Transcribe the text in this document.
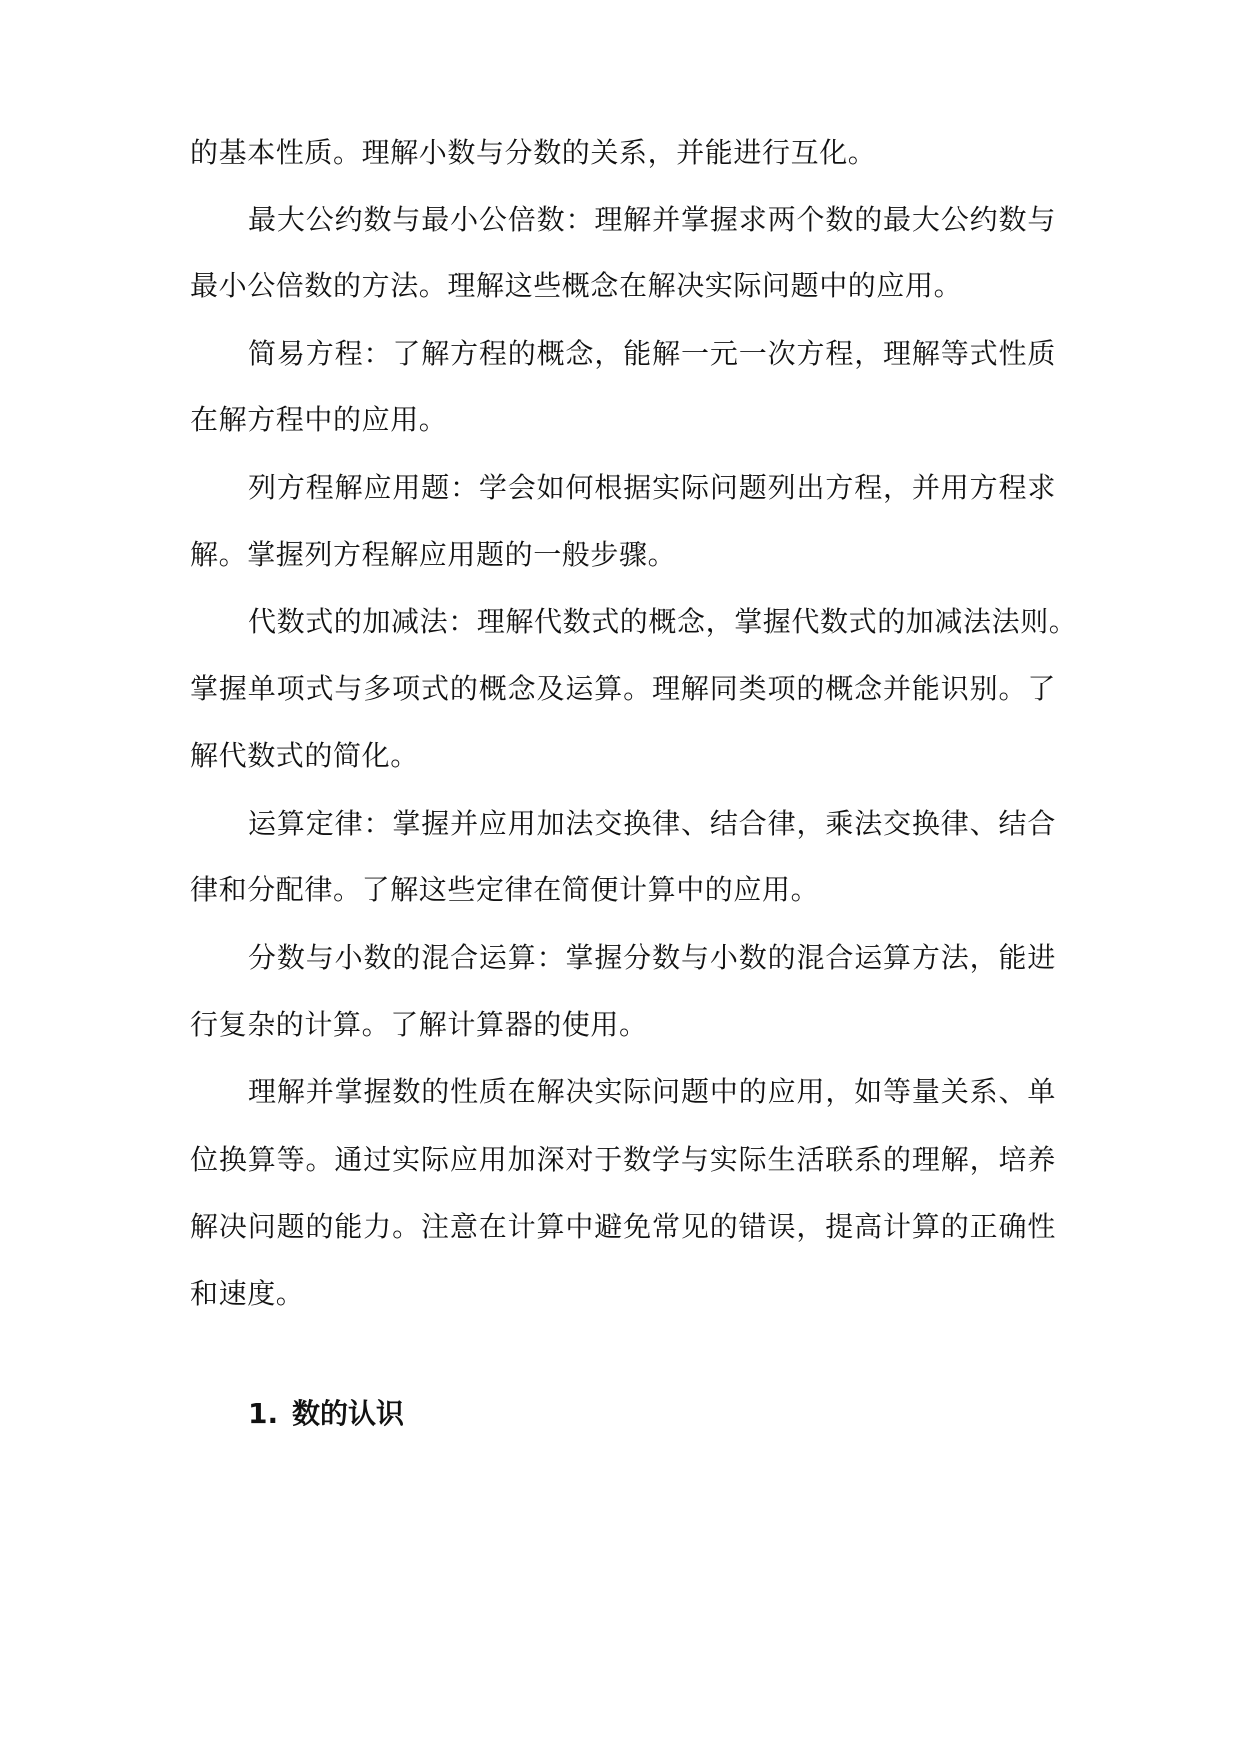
的基本性质。理解小数与分数的关系，并能进行互化。
最大公约数与最小公倍数：理解并掌握求两个数的最大公约数与
最小公倍数的方法。理解这些概念在解决实际问题中的应用。
简易方程：了解方程的概念，能解一元一次方程，理解等式性质
在解方程中的应用。
列方程解应用题：学会如何根据实际问题列出方程，并用方程求
解。掌握列方程解应用题的一般步骤。
代数式的加减法：理解代数式的概念，掌握代数式的加减法法则。
掌握单项式与多项式的概念及运算。理解同类项的概念并能识别。了
解代数式的简化。
运算定律：掌握并应用加法交换律、结合律，乘法交换律、结合
律和分配律。了解这些定律在简便计算中的应用。
分数与小数的混合运算：掌握分数与小数的混合运算方法，能进
行复杂的计算。了解计算器的使用。
理解并掌握数的性质在解决实际问题中的应用，如等量关系、单
位换算等。通过实际应用加深对于数学与实际生活联系的理解，培养
解决问题的能力。注意在计算中避免常见的错误，提高计算的正确性
和速度。
1. 数的认识
